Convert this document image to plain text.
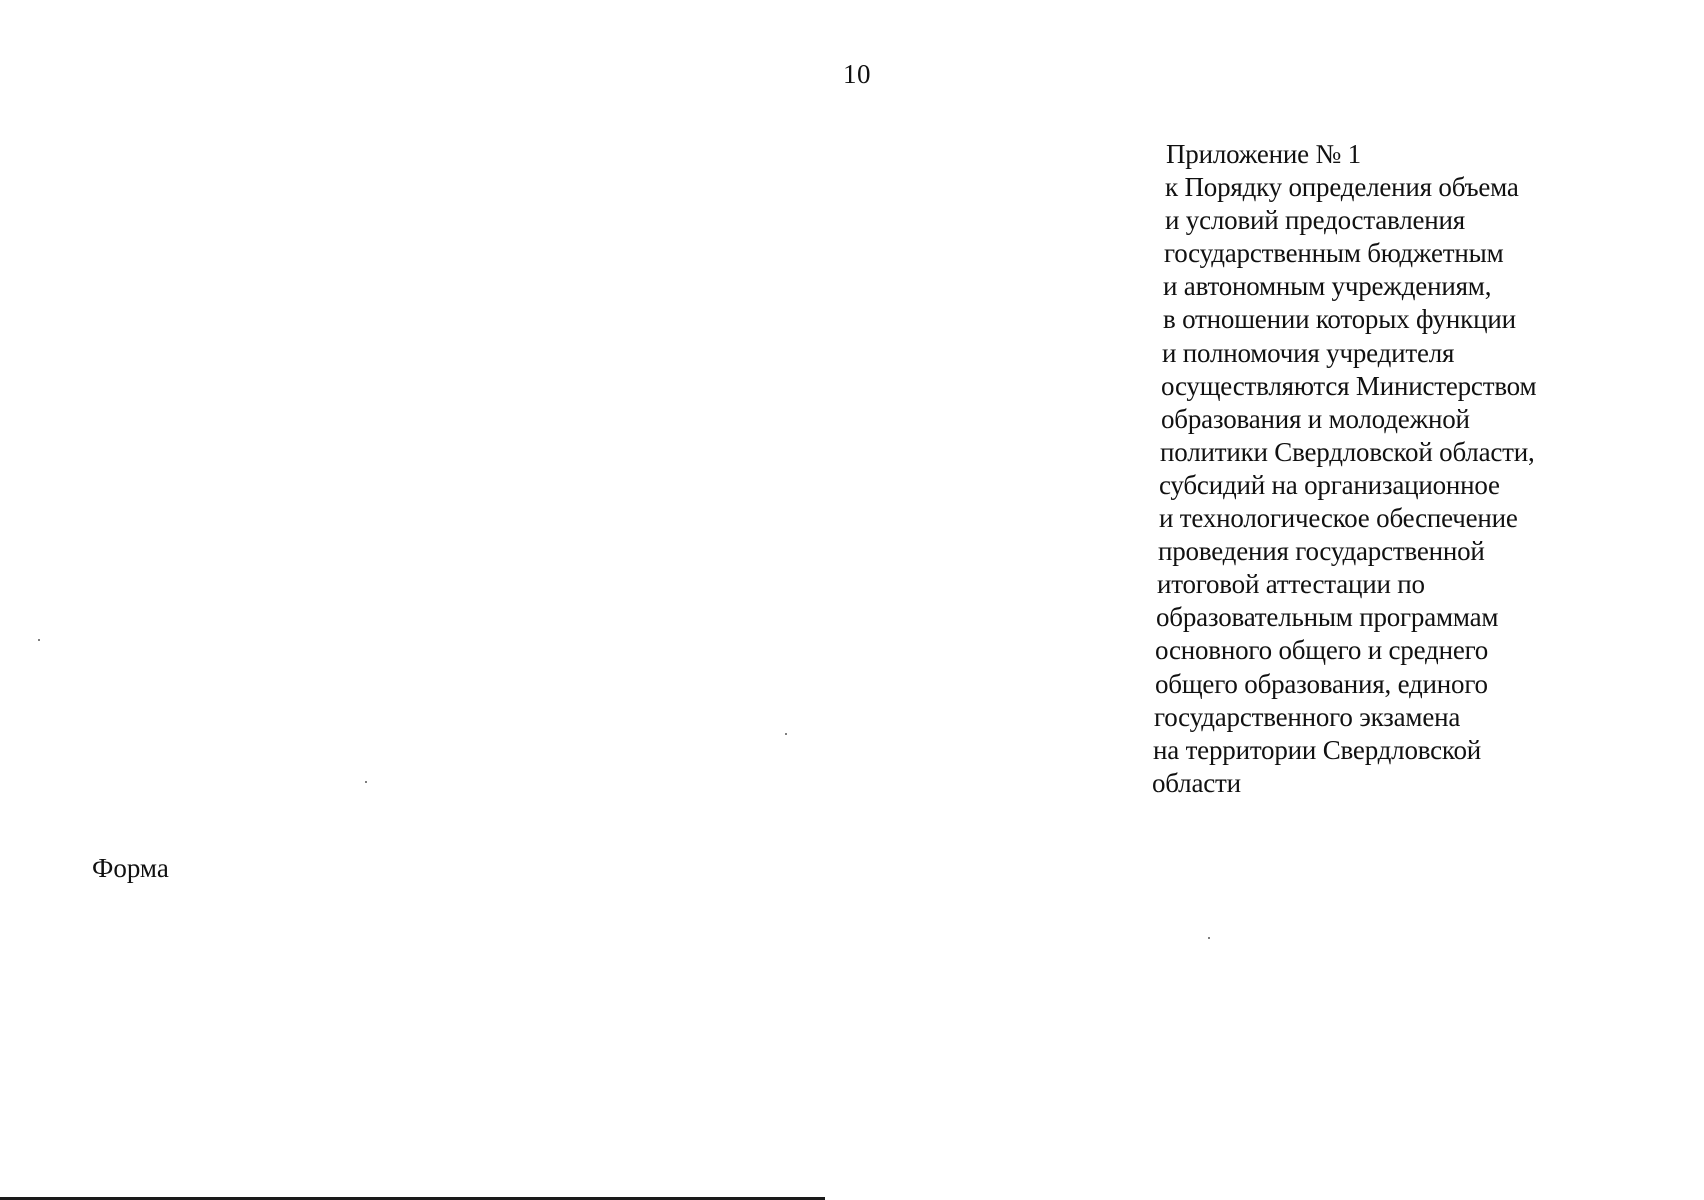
10
Приложение № 1
к Порядку определения объема
и условий предоставления
государственным бюджетным
и автономным учреждениям,
в отношении которых функции
и полномочия учредителя
осуществляются Министерством
образования и молодежной
политики Свердловской области,
субсидий на организационное
и технологическое обеспечение
проведения государственной
итоговой аттестации по
образовательным программам
основного общего и среднего
общего образования, единого
государственного экзамена
на территории Свердловской
области
Форма
